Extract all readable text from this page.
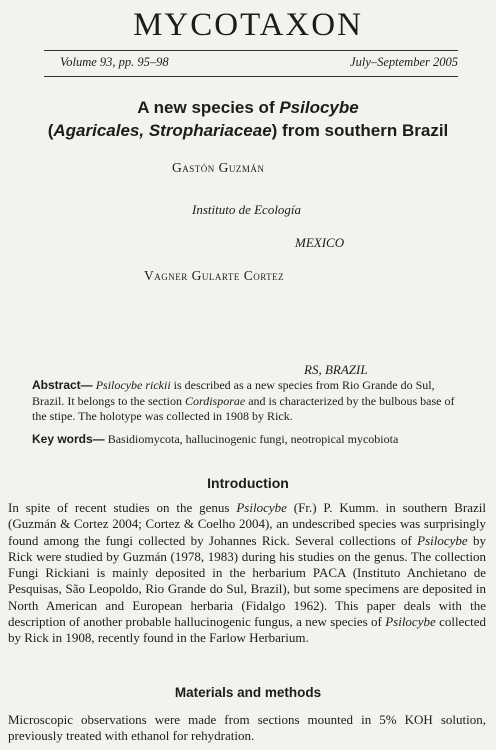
MYCOTAXON
Volume 93, pp. 95–98	July–September 2005
A new species of Psilocybe
(Agaricales, Strophariaceae) from southern Brazil
Gastón Guzmán
Instituto de Ecología
MEXICO
Vagner Gularte Cortez
RS, BRAZIL
Abstract— Psilocybe rickii is described as a new species from Rio Grande do Sul, Brazil. It belongs to the section Cordisporae and is characterized by the bulbous base of the stipe. The holotype was collected in 1908 by Rick.
Key words— Basidiomycota, hallucinogenic fungi, neotropical mycobiota
Introduction
In spite of recent studies on the genus Psilocybe (Fr.) P. Kumm. in southern Brazil (Guzmán & Cortez 2004; Cortez & Coelho 2004), an undescribed species was surprisingly found among the fungi collected by Johannes Rick. Several collections of Psilocybe by Rick were studied by Guzmán (1978, 1983) during his studies on the genus. The collection Fungi Rickiani is mainly deposited in the herbarium PACA (Instituto Anchietano de Pesquisas, São Leopoldo, Rio Grande do Sul, Brazil), but some specimens are deposited in North American and European herbaria (Fidalgo 1962). This paper deals with the description of another probable hallucinogenic fungus, a new species of Psilocybe collected by Rick in 1908, recently found in the Farlow Herbarium.
Materials and methods
Microscopic observations were made from sections mounted in 5% KOH solution, previously treated with ethanol for rehydration.
